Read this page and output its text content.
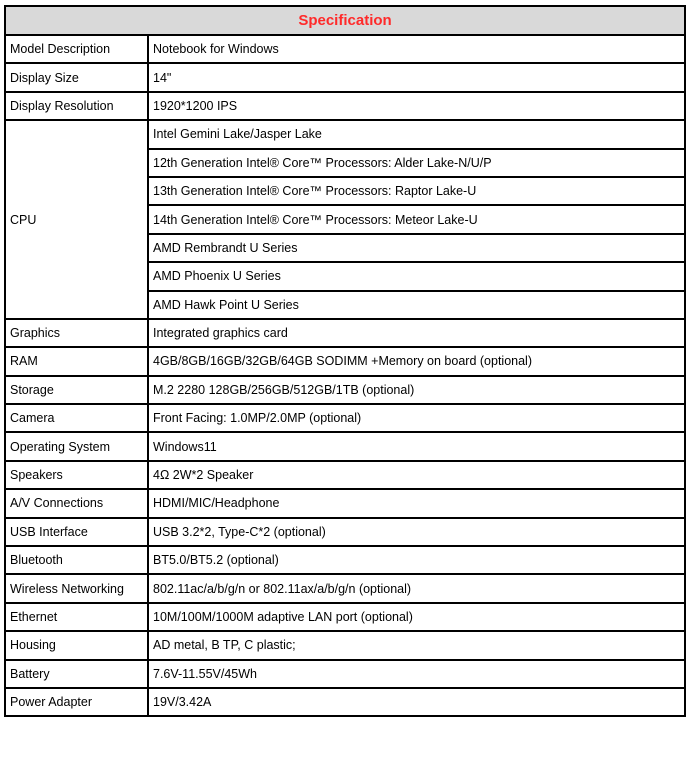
Specification	
Model Description	Notebook for Windows
Display Size	14"
Display Resolution	1920*1200 IPS
CPU	Intel Gemini Lake/Jasper Lake
	12th Generation Intel® Core™ Processors: Alder Lake-N/U/P
	13th Generation Intel® Core™ Processors: Raptor Lake-U
	14th Generation Intel® Core™ Processors: Meteor Lake-U
	AMD Rembrandt U Series
	AMD Phoenix U Series
	AMD Hawk Point U Series
Graphics	Integrated graphics card
RAM	4GB/8GB/16GB/32GB/64GB SODIMM +Memory on board (optional)
Storage	M.2 2280 128GB/256GB/512GB/1TB (optional)
Camera	Front Facing: 1.0MP/2.0MP (optional)
Operating System	Windows11
Speakers	4Ω 2W*2 Speaker
A/V Connections	HDMI/MIC/Headphone
USB Interface	USB 3.2*2, Type-C*2 (optional)
Bluetooth	BT5.0/BT5.2 (optional)
Wireless Networking	802.11ac/a/b/g/n or 802.11ax/a/b/g/n (optional)
Ethernet	10M/100M/1000M adaptive LAN port (optional)
Housing	AD metal, B TP, C plastic;
Battery	7.6V-11.55V/45Wh
Power Adapter	19V/3.42A
